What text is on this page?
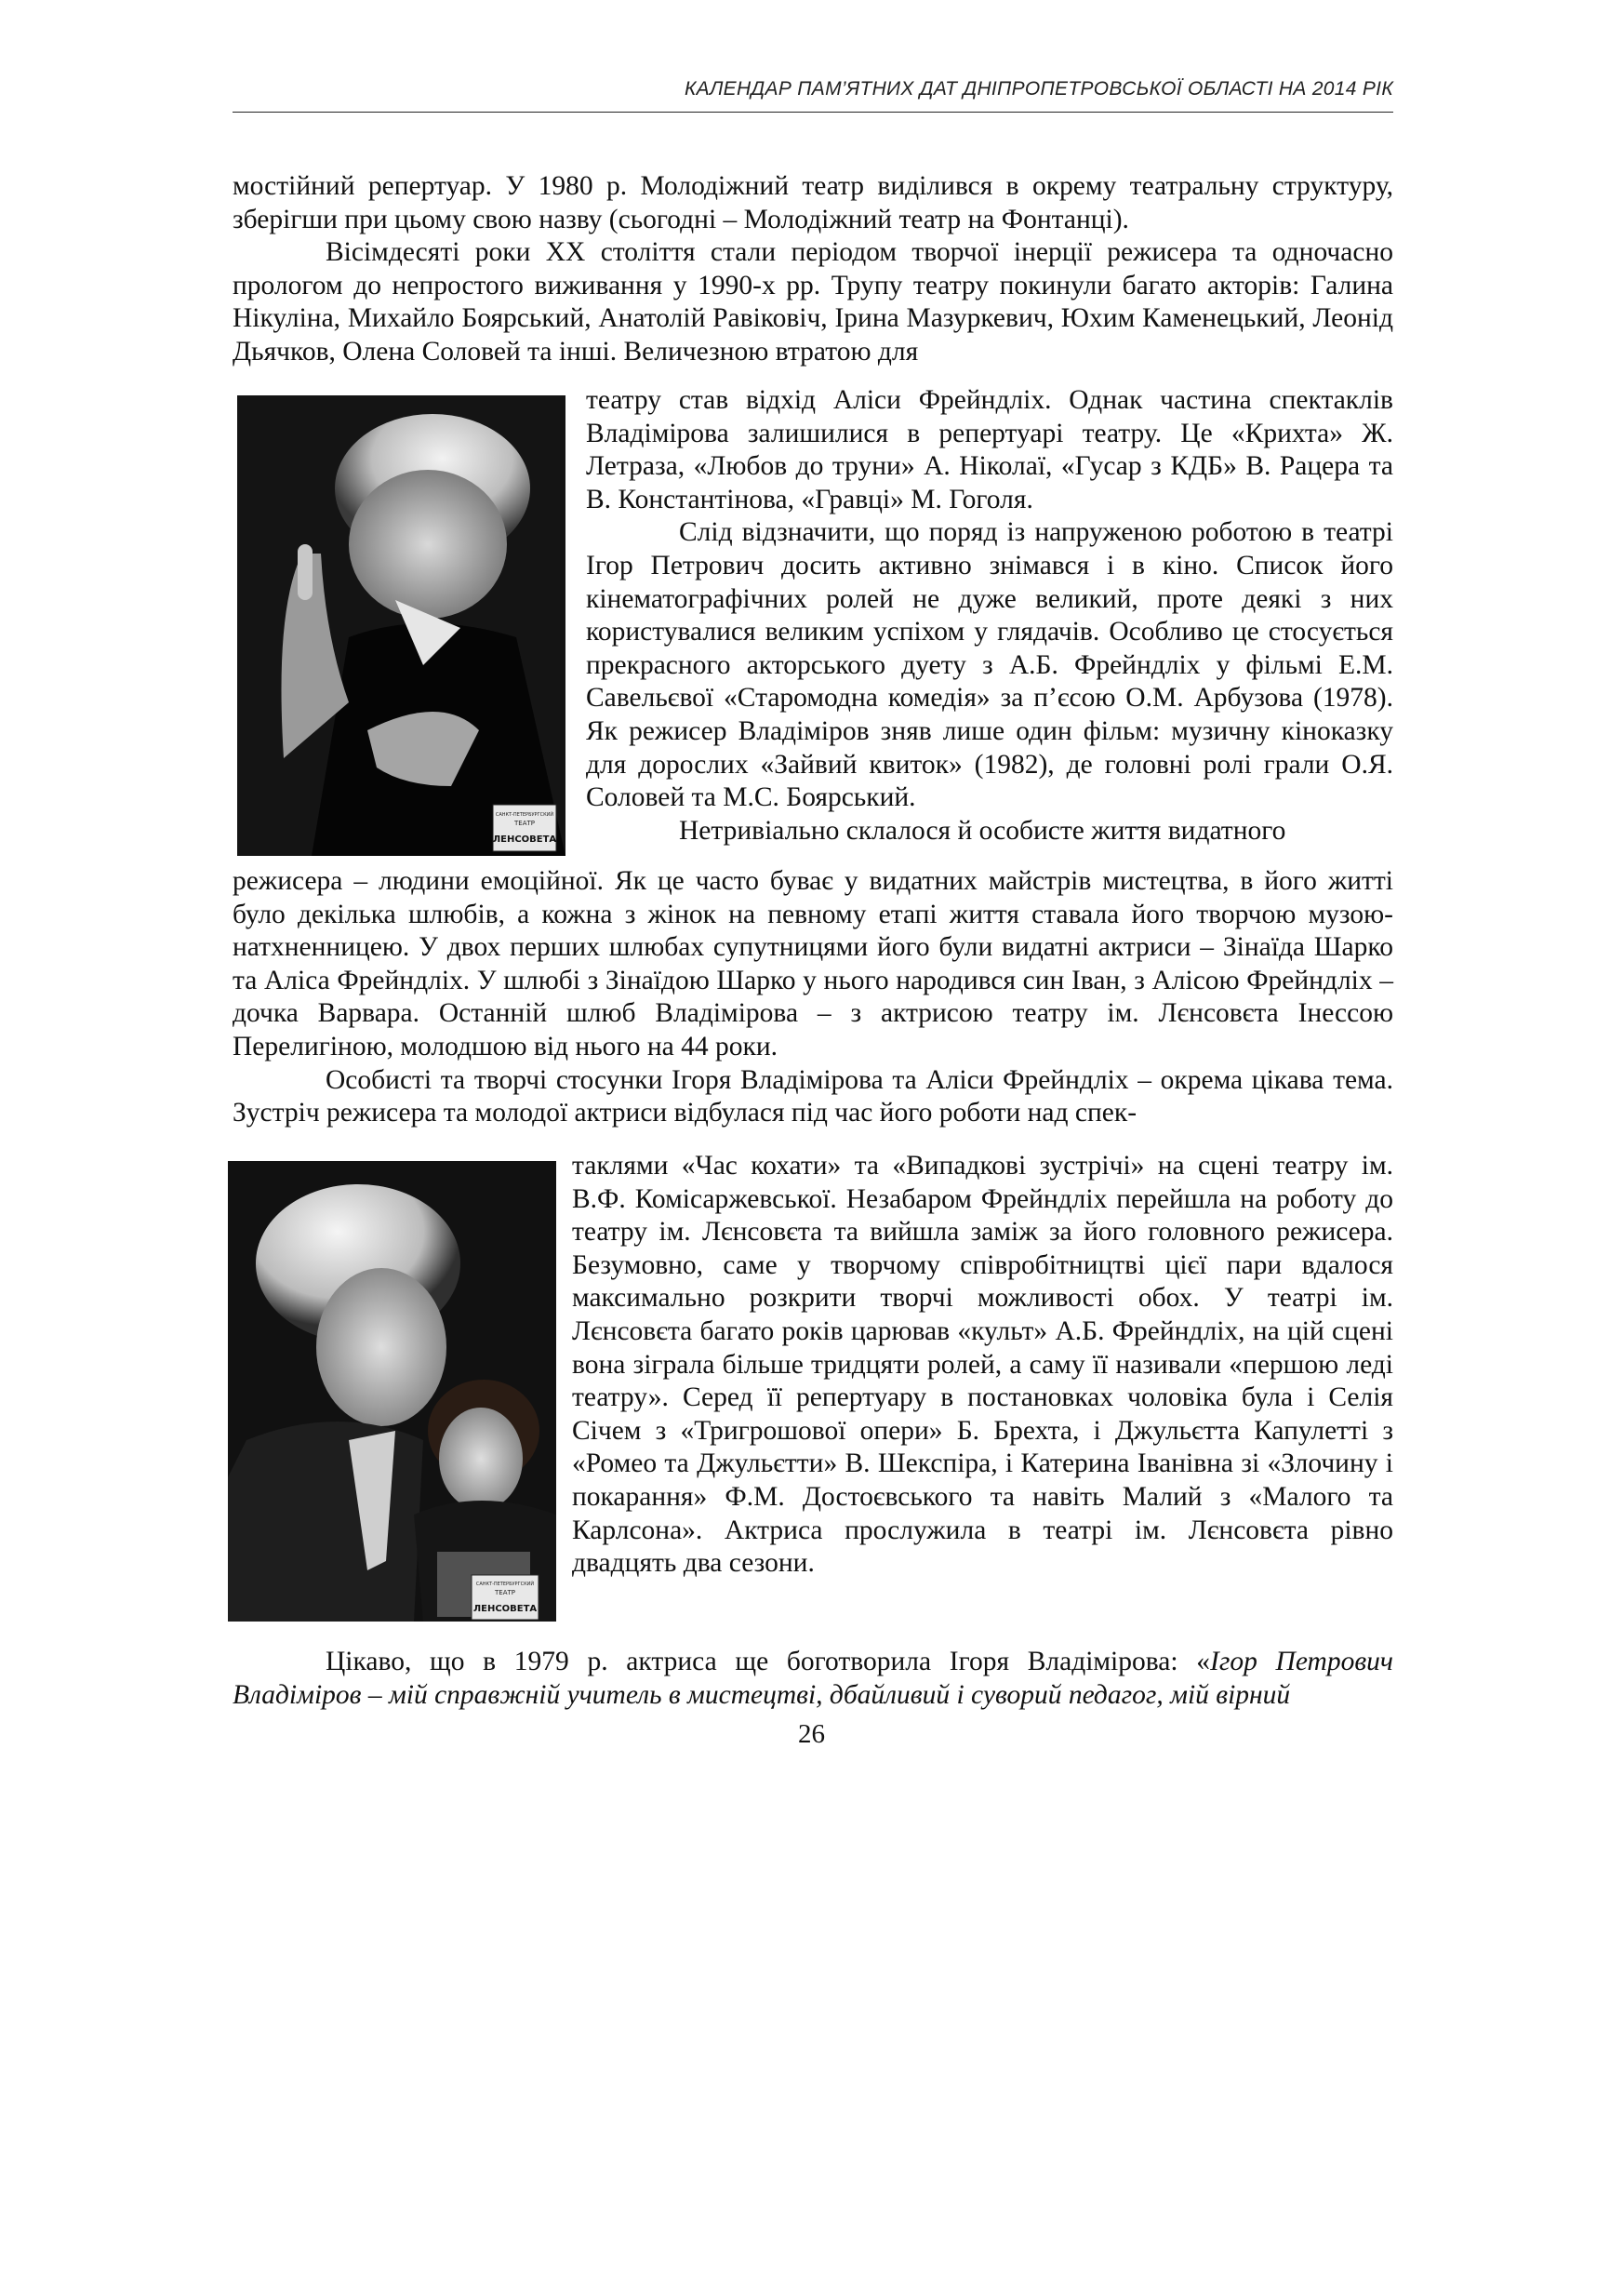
КАЛЕНДАР ПАМ’ЯТНИХ ДАТ ДНІПРОПЕТРОВСЬКОЇ ОБЛАСТІ НА 2014 РІК

мостійний репертуар. У 1980 р. Молодіжний театр виділився в окрему театральну структуру, зберігши при цьому свою назву (сьогодні – Молодіжний театр на Фонтанці).

Вісімдесяті роки ХХ століття стали періодом творчої інерції режисера та одночасно прологом до непростого виживання у 1990-х рр. Трупу театру покинули багато акторів: Галина Нікуліна, Михайло Боярський, Анатолій Равіковіч, Ірина Мазуркевич, Юхим Каменецький, Леонід Дьячков, Олена Соловей та інші. Величезною втратою для

САНКТ-ПЕТЕРБУРГСКИЙ
ТЕАТР
ЛЕНСОВЕТА

театру став відхід Аліси Фрейндліх. Однак частина спектаклів Владімірова залишилися в репертуарі театру. Це «Крихта» Ж. Летраза, «Любов до труни» А. Ніколаї, «Гусар з КДБ» В. Рацера та В. Константінова, «Гравці» М. Гоголя.

Слід відзначити, що поряд із напруженою роботою в театрі Ігор Петрович досить активно знімався і в кіно. Список його кінематографічних ролей не дуже великий, проте деякі з них користувалися великим успіхом у глядачів. Особливо це стосується прекрасного акторського дуету з А.Б. Фрейндліх у фільмі Е.М. Савельєвої «Старомодна комедія» за п’єсою О.М. Арбузова (1978). Як режисер Владіміров зняв лише один фільм: музичну кіноказку для дорослих «Зайвий квиток» (1982), де головні ролі грали О.Я. Соловей та М.С. Боярський.

Нетривіально склалося й особисте життя видатного

режисера – людини емоційної. Як це часто буває у видатних майстрів мистецтва, в його житті було декілька шлюбів, а кожна з жінок на певному етапі життя ставала його творчою музою-натхненницею. У двох перших шлюбах супутницями його були видатні актриси – Зінаїда Шарко та Аліса Фрейндліх. У шлюбі з Зінаїдою Шарко у нього народився син Іван, з Алісою Фрейндліх – дочка Варвара. Останній шлюб Владімірова – з актрисою театру ім. Лєнсовєта Інессою Перелигіною, молодшою від нього на 44 роки.

Особисті та творчі стосунки Ігоря Владімірова та Аліси Фрейндліх – окрема цікава тема. Зустріч режисера та молодої актриси відбулася під час його роботи над спек-

САНКТ-ПЕТЕРБУРГСКИЙ
ТЕАТР
ЛЕНСОВЕТА

таклями «Час кохати» та «Випадкові зустрічі» на сцені театру ім. В.Ф. Комісаржевської. Незабаром Фрейндліх перейшла на роботу до театру ім. Лєнсовєта та вийшла заміж за його головного режисера. Безумовно, саме у творчому співробітництві цієї пари вдалося максимально розкрити творчі можливості обох. У театрі ім. Лєнсовєта багато років царював «культ» А.Б. Фрейндліх, на цій сцені вона зіграла більше тридцяти ролей, а саму її називали «першою леді театру». Серед її репертуару в постановках чоловіка була і Селія Січем з «Тригрошової опери» Б. Брехта, і Джульєтта Капулетті з «Ромео та Джульєтти» В. Шекспіра, і Катерина Іванівна зі «Злочину і покарання» Ф.М. Достоєвського та навіть Малий з «Малого та Карлсона». Актриса прослужила в театрі ім. Лєнсовєта рівно двадцять два сезони.

Цікаво, що в 1979 р. актриса ще боготворила Ігоря Владімірова: «Ігор Петрович Владіміров – мій справжній учитель в мистецтві, дбайливий і суворий педагог, мій вірний

26
